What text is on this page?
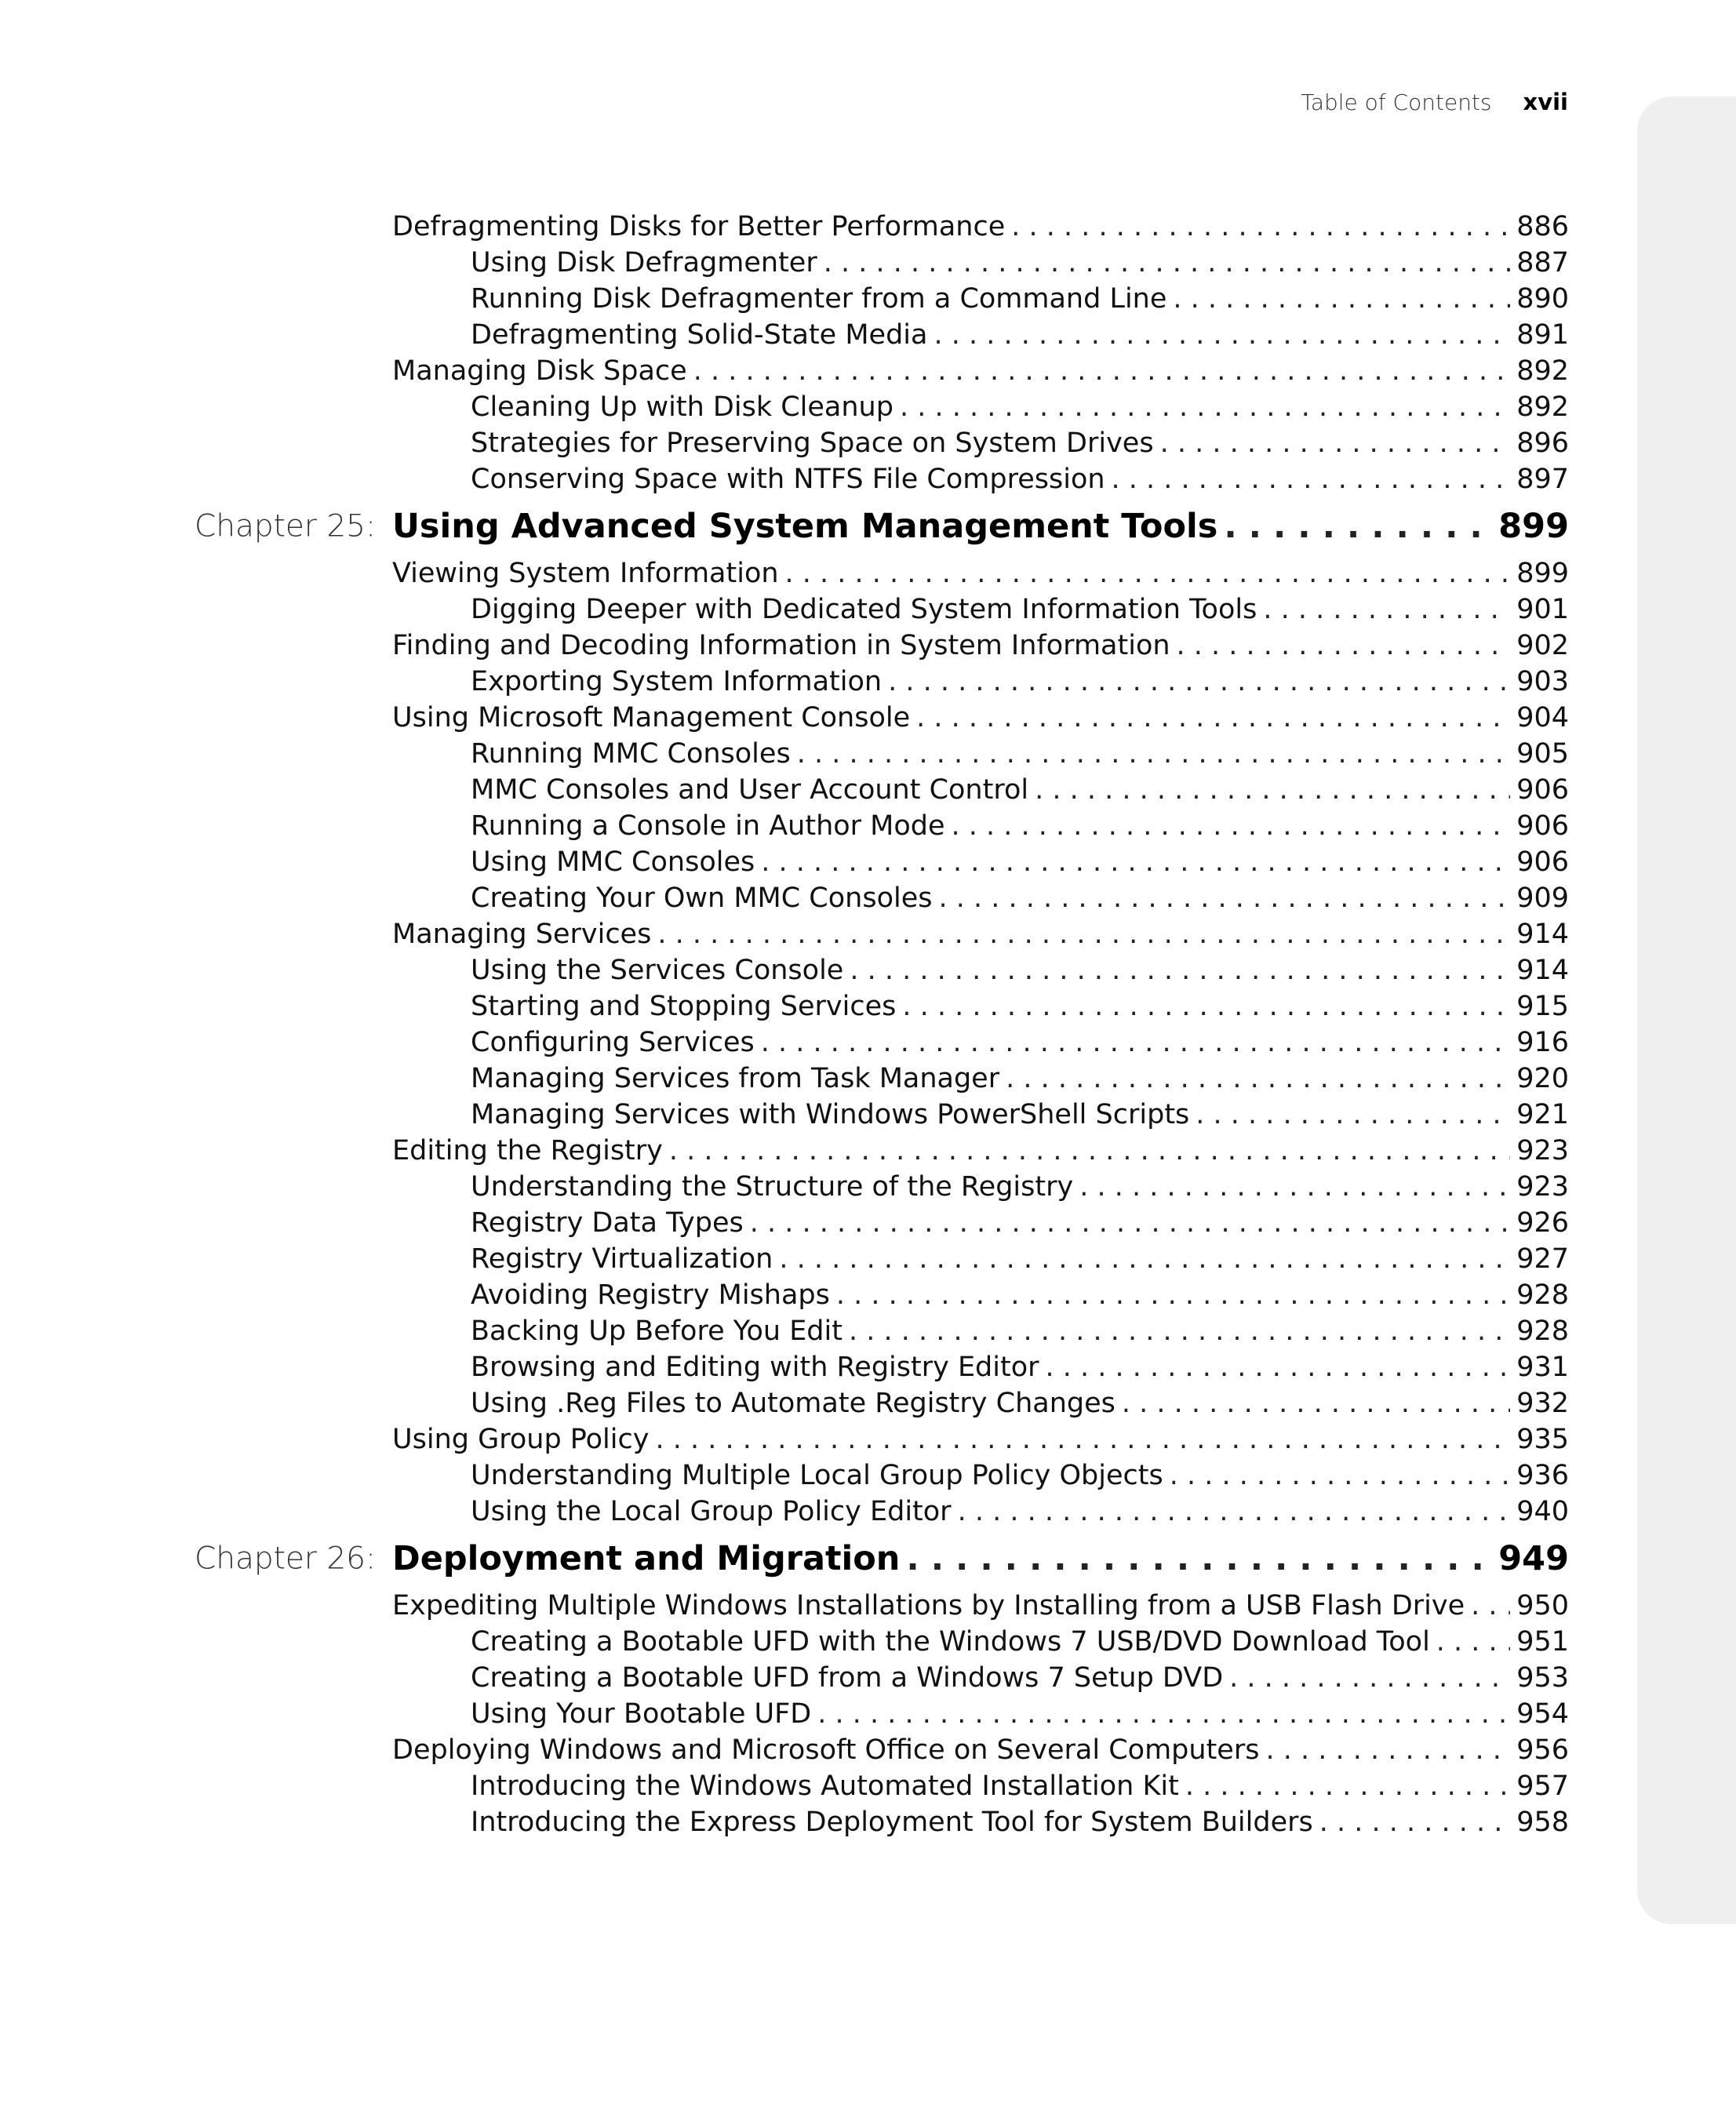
Table of Contents xvii
Defragmenting Disks for Better Performance . . .	886
Using Disk Defragmenter . . .	887
Running Disk Defragmenter from a Command Line . . .	890
Defragmenting Solid-State Media . . .	891
Managing Disk Space . . .	892
Cleaning Up with Disk Cleanup . . .	892
Strategies for Preserving Space on System Drives . . .	896
Conserving Space with NTFS File Compression . . .	897
Chapter 25: Using Advanced System Management Tools . . .	899
Viewing System Information . . .	899
Digging Deeper with Dedicated System Information Tools . . .	901
Finding and Decoding Information in System Information . . .	902
Exporting System Information . . .	903
Using Microsoft Management Console . . .	904
Running MMC Consoles . . .	905
MMC Consoles and User Account Control . . .	906
Running a Console in Author Mode . . .	906
Using MMC Consoles . . .	906
Creating Your Own MMC Consoles . . .	909
Managing Services . . .	914
Using the Services Console . . .	914
Starting and Stopping Services . . .	915
Configuring Services . . .	916
Managing Services from Task Manager . . .	920
Managing Services with Windows PowerShell Scripts . . .	921
Editing the Registry . . .	923
Understanding the Structure of the Registry . . .	923
Registry Data Types . . .	926
Registry Virtualization . . .	927
Avoiding Registry Mishaps . . .	928
Backing Up Before You Edit . . .	928
Browsing and Editing with Registry Editor . . .	931
Using .Reg Files to Automate Registry Changes . . .	932
Using Group Policy . . .	935
Understanding Multiple Local Group Policy Objects . . .	936
Using the Local Group Policy Editor . . .	940
Chapter 26: Deployment and Migration . . .	949
Expediting Multiple Windows Installations by Installing from a USB Flash Drive . . . 950
Creating a Bootable UFD with the Windows 7 USB/DVD Download Tool . . .	951
Creating a Bootable UFD from a Windows 7 Setup DVD . . .	953
Using Your Bootable UFD . . .	954
Deploying Windows and Microsoft Office on Several Computers . . .	956
Introducing the Windows Automated Installation Kit . . .	957
Introducing the Express Deployment Tool for System Builders . . .	958
